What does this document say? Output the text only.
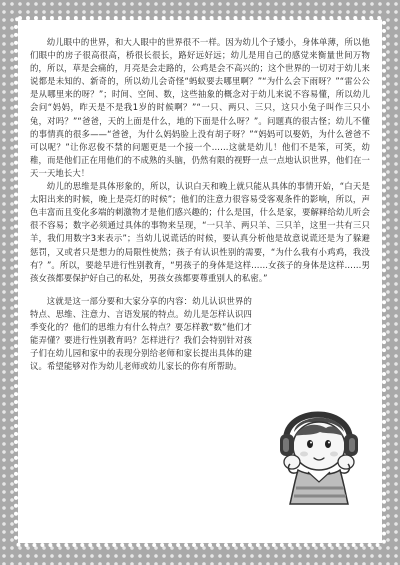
幼儿眼中的世界，和大人眼中的世界很不一样。因为幼儿个子矮小，身体单薄，所以他们眼中的房子很高很高，桥很长很长，路好远好远；幼儿是用自己的感觉来衡量世间万物的，所以，草是会痛的，月亮是会走路的，公鸡是会不高兴的；这个世界的一切对于幼儿来说都是未知的、新奇的，所以幼儿会奇怪“蚂蚁要去哪里啊？”“为什么会下雨呀？”“雷公公是从哪里来的呀？”；时间、空间、数，这些抽象的概念对于幼儿来说不容易懂，所以幼儿会问“妈妈，昨天是不是我1岁的时候啊？”“一只、两只、三只，这只小兔子叫作三只小兔，对吗？”“爸爸，天的上面是什么，地的下面是什么呀？”。问题真的很古怪；幼儿不懂的事情真的很多——“爸爸，为什么妈妈脸上没有胡子呀？”“妈妈可以娶奶，为什么爸爸不可以呢？”让你忍俊不禁的问题更是一个接一个……这就是幼儿！他们不是笨，可笑，幼稚，而是他们正在用他们的不成熟的头脑，仍然有限的视野一点一点地认识世界，他们在一天一天地长大！

幼儿的思维是具体形象的，所以，认识白天和晚上就只能从具体的事情开始，“白天是太阳出来的时候，晚上是亮灯的时候”；他们的注意力很容易受客观条件的影响，所以，声色丰富而且变化多端的刺激物才是他们感兴趣的；什么是国，什么是家，要解释给幼儿听会很不容易；数字必须通过具体的事物来呈现，“一只羊、两只羊、三只羊，这里一共有三只羊，我们用数字3来表示”；当幼儿说谎话的时候，要认真分析他是故意说谎还是为了躲避惩罚，又或者只是想力的局限性使然；孩子有认识性别的需要，“为什么我有小鸡鸡，我没有？”。所以，要趁早进行性别教育，“男孩子的身体是这样……女孩子的身体是这样……男孩女孩都要保护好自己的私处，男孩女孩都要尊重别人的私密。”

这就是这一部分要和大家分享的内容：幼儿认识世界的特点、思维、注意力、言语发展的特点。幼儿是怎样认识四季变化的？他们的思维力有什么特点？要怎样教“数”他们才能弄懂？要进行性别教育吗？怎样进行？我们会特别针对孩子们在幼儿园和家中的表现分别给老师和家长提出具体的建议。希望能够对作为幼儿老师或幼儿家长的你有所帮助。
